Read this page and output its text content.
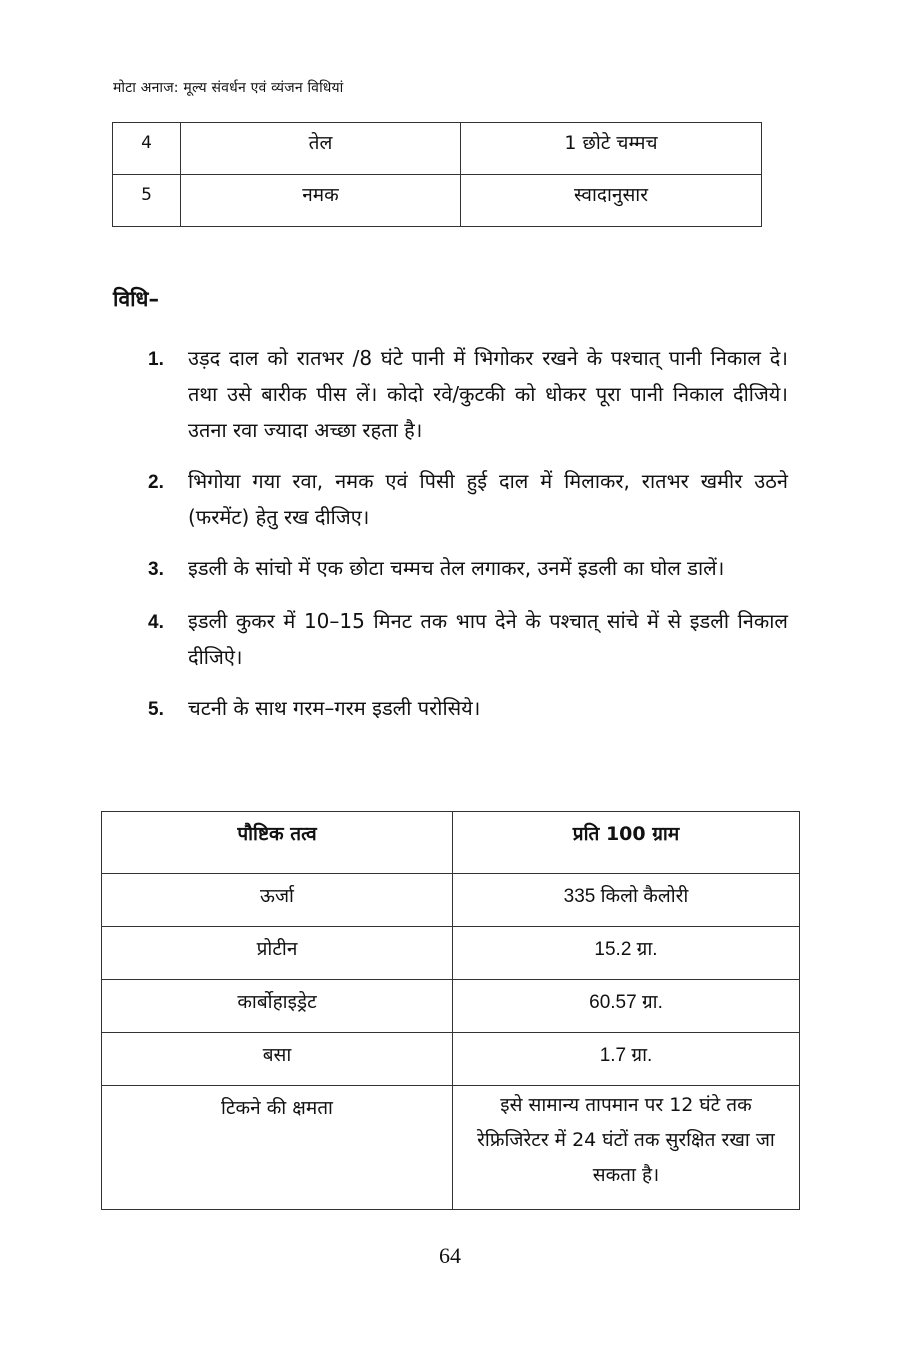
मोटा अनाज: मूल्य संवर्धन एवं व्यंजन विधियां
4	तेल	1 छोटे चम्मच
5	नमक	स्वादानुसार
विधि–
1.	उड़द दाल को रातभर /8 घंटे पानी में भिगोकर रखने के पश्चात् पानी निकाल दे। तथा उसे बारीक पीस लें। कोदो रवे/कुटकी को धोकर पूरा पानी निकाल दीजिये। उतना रवा ज्यादा अच्छा रहता है।
2.	भिगोया गया रवा, नमक एवं पिसी हुई दाल में मिलाकर, रातभर खमीर उठने (फरमेंट) हेतु रख दीजिए।
3.	इडली के सांचो में एक छोटा चम्मच तेल लगाकर, उनमें इडली का घोल डालें।
4.	इडली कुकर में 10–15 मिनट तक भाप देने के पश्चात् सांचे में से इडली निकाल दीजिऐ।
5.	चटनी के साथ गरम–गरम इडली परोसिये।
पौष्टिक तत्व	प्रति 100 ग्राम
ऊर्जा	335 किलो कैलोरी
प्रोटीन	15.2 ग्रा.
कार्बोहाइड्रेट	60.57 ग्रा.
बसा	1.7 ग्रा.
टिकने की क्षमता	इसे सामान्य तापमान पर 12 घंटे तक रेफ्रिजिरेटर में 24 घंटों तक सुरक्षित रखा जा सकता है।
64
